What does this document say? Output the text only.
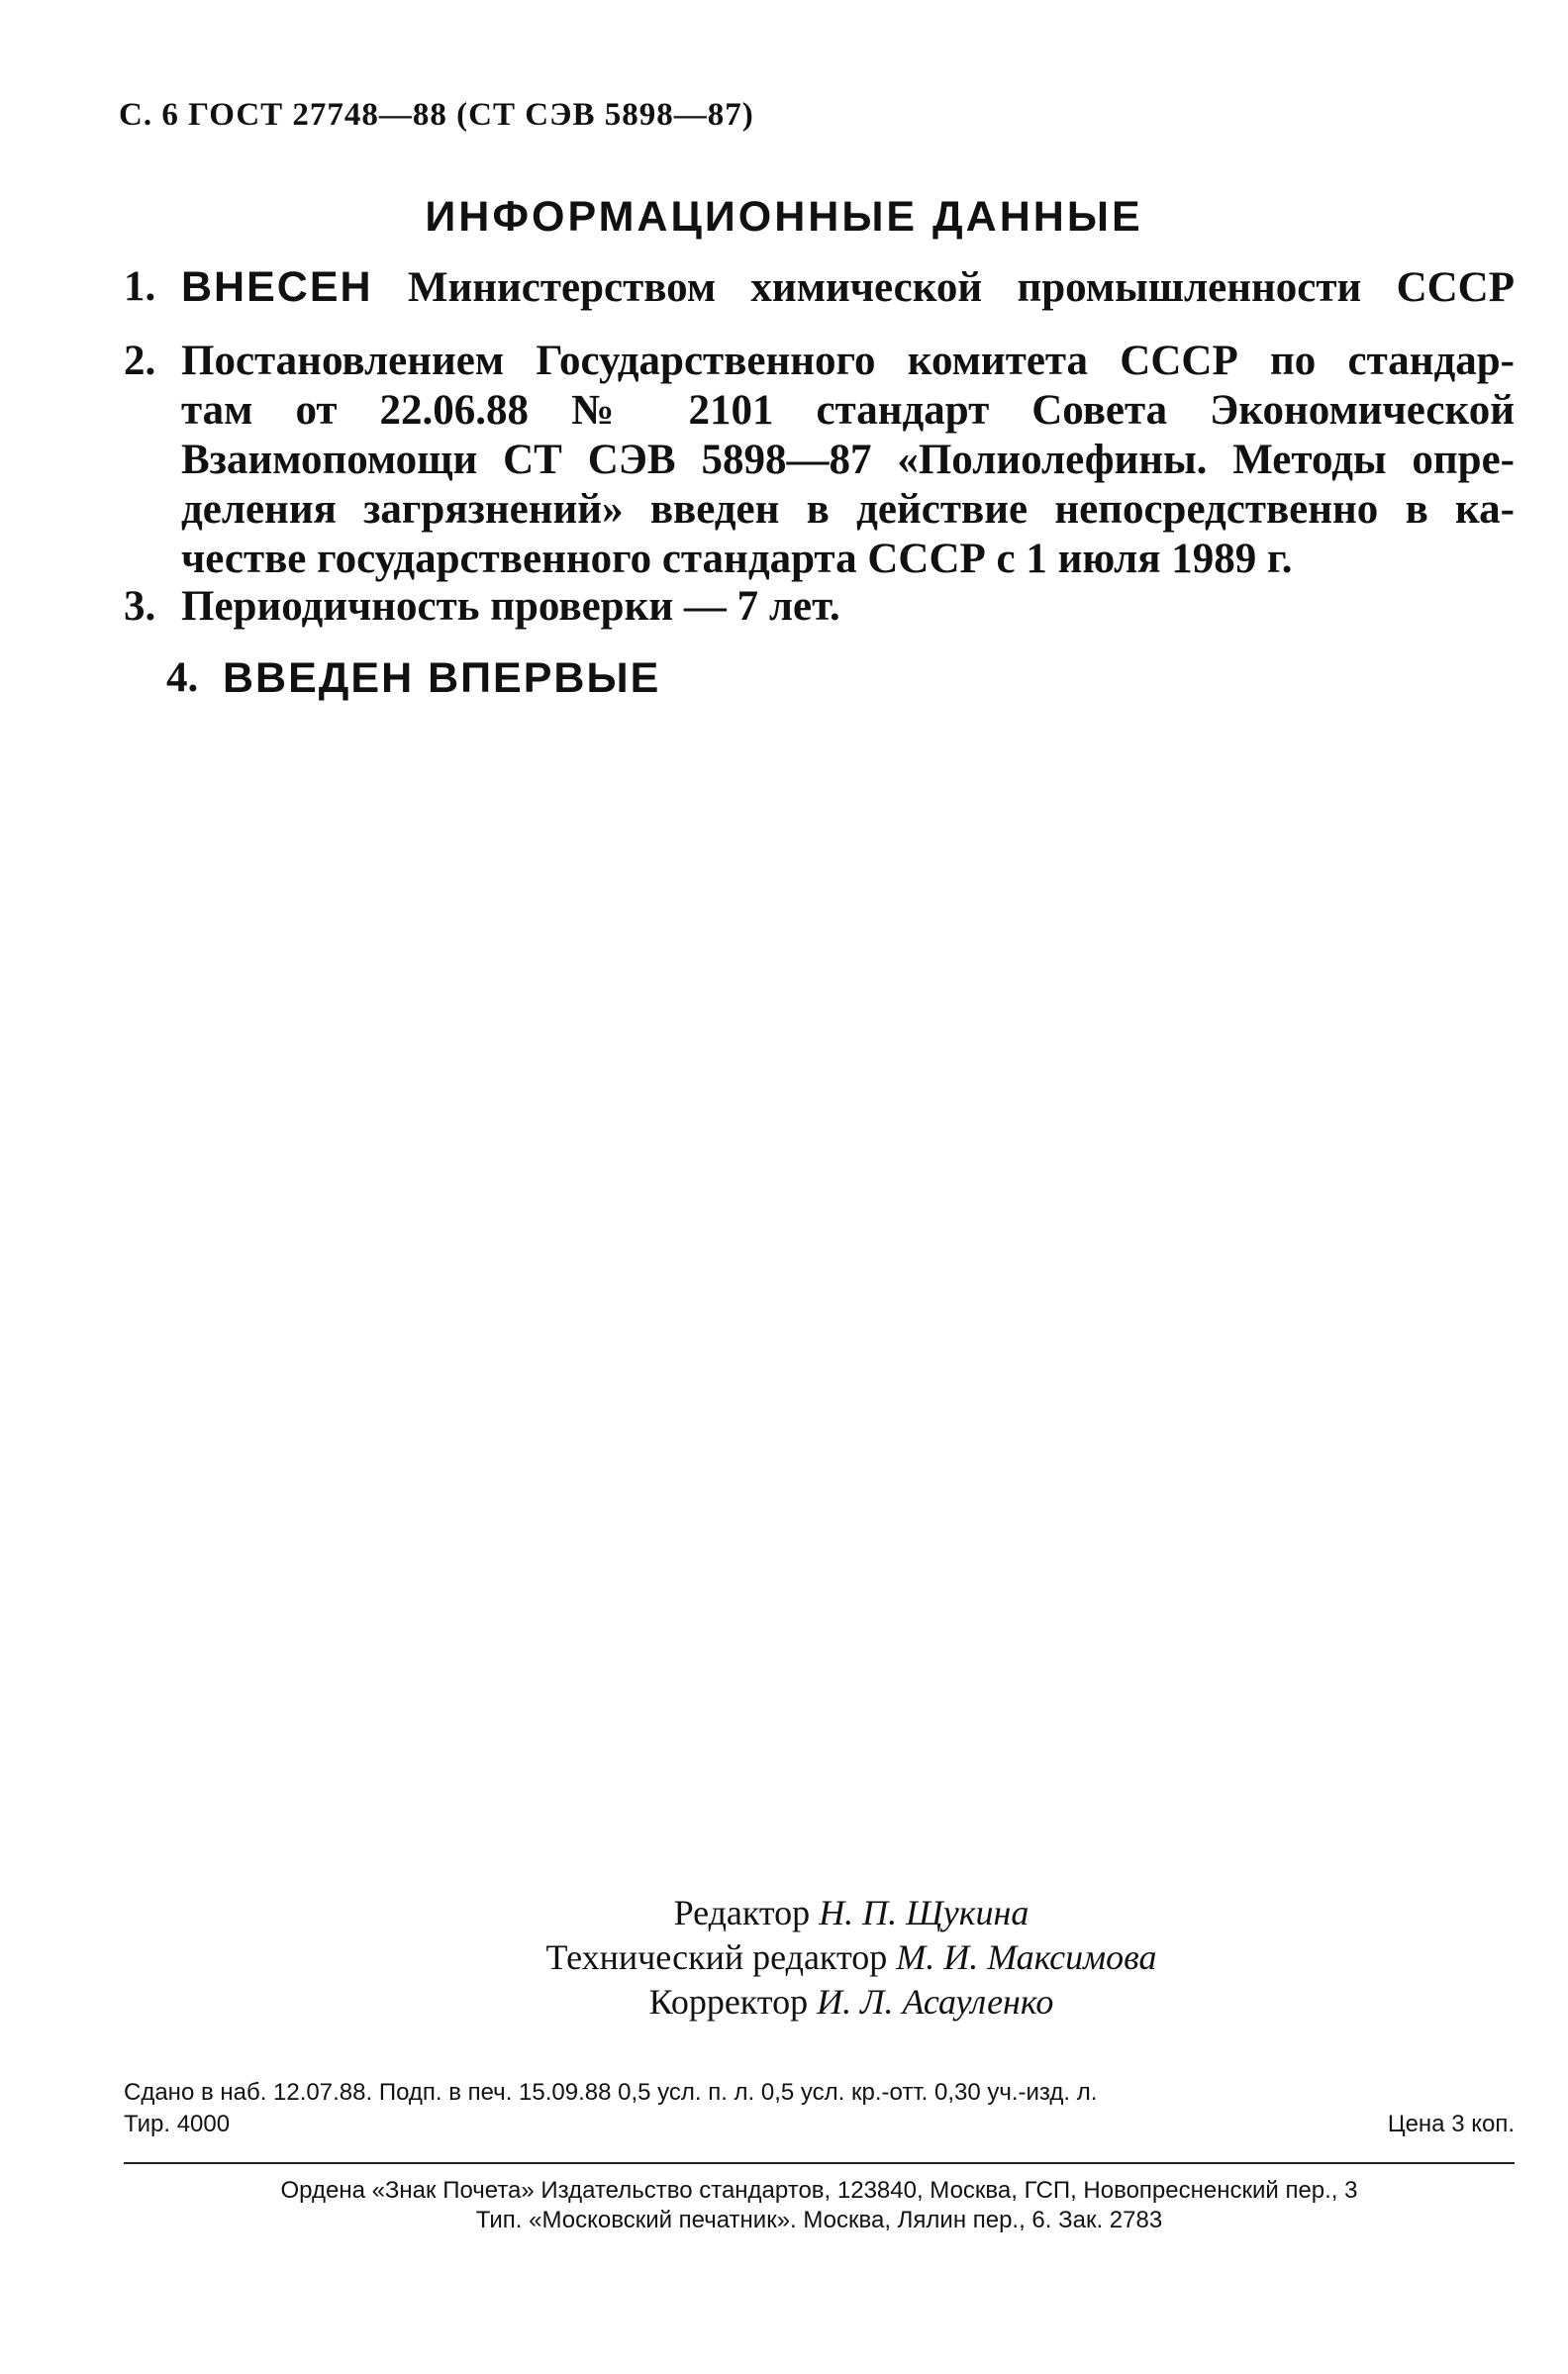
С. 6 ГОСТ 27748—88 (СТ СЭВ 5898—87)
ИНФОРМАЦИОННЫЕ ДАННЫЕ
1. ВНЕСЕН Министерством химической промышленности СССР
2. Постановлением Государственного комитета СССР по стандар-
там от 22.06.88 № 2101 стандарт Совета Экономической
Взаимопомощи СТ СЭВ 5898—87 «Полиолефины. Методы опре-
деления загрязнений» введен в действие непосредственно в ка-
честве государственного стандарта СССР с 1 июля 1989 г.
3. Периодичность проверки — 7 лет.
4. ВВЕДЕН ВПЕРВЫЕ
Редактор Н. П. Щукина
Технический редактор М. И. Максимова
Корректор И. Л. Асауленко
Сдано в наб. 12.07.88. Подп. в печ. 15.09.88 0,5 усл. п. л. 0,5 усл. кр.-отт. 0,30 уч.-изд. л.
Тир. 4000	Цена 3 коп.
Ордена «Знак Почета» Издательство стандартов, 123840, Москва, ГСП, Новопресненский пер., 3
Тип. «Московский печатник». Москва, Лялин пер., 6. Зак. 2783
